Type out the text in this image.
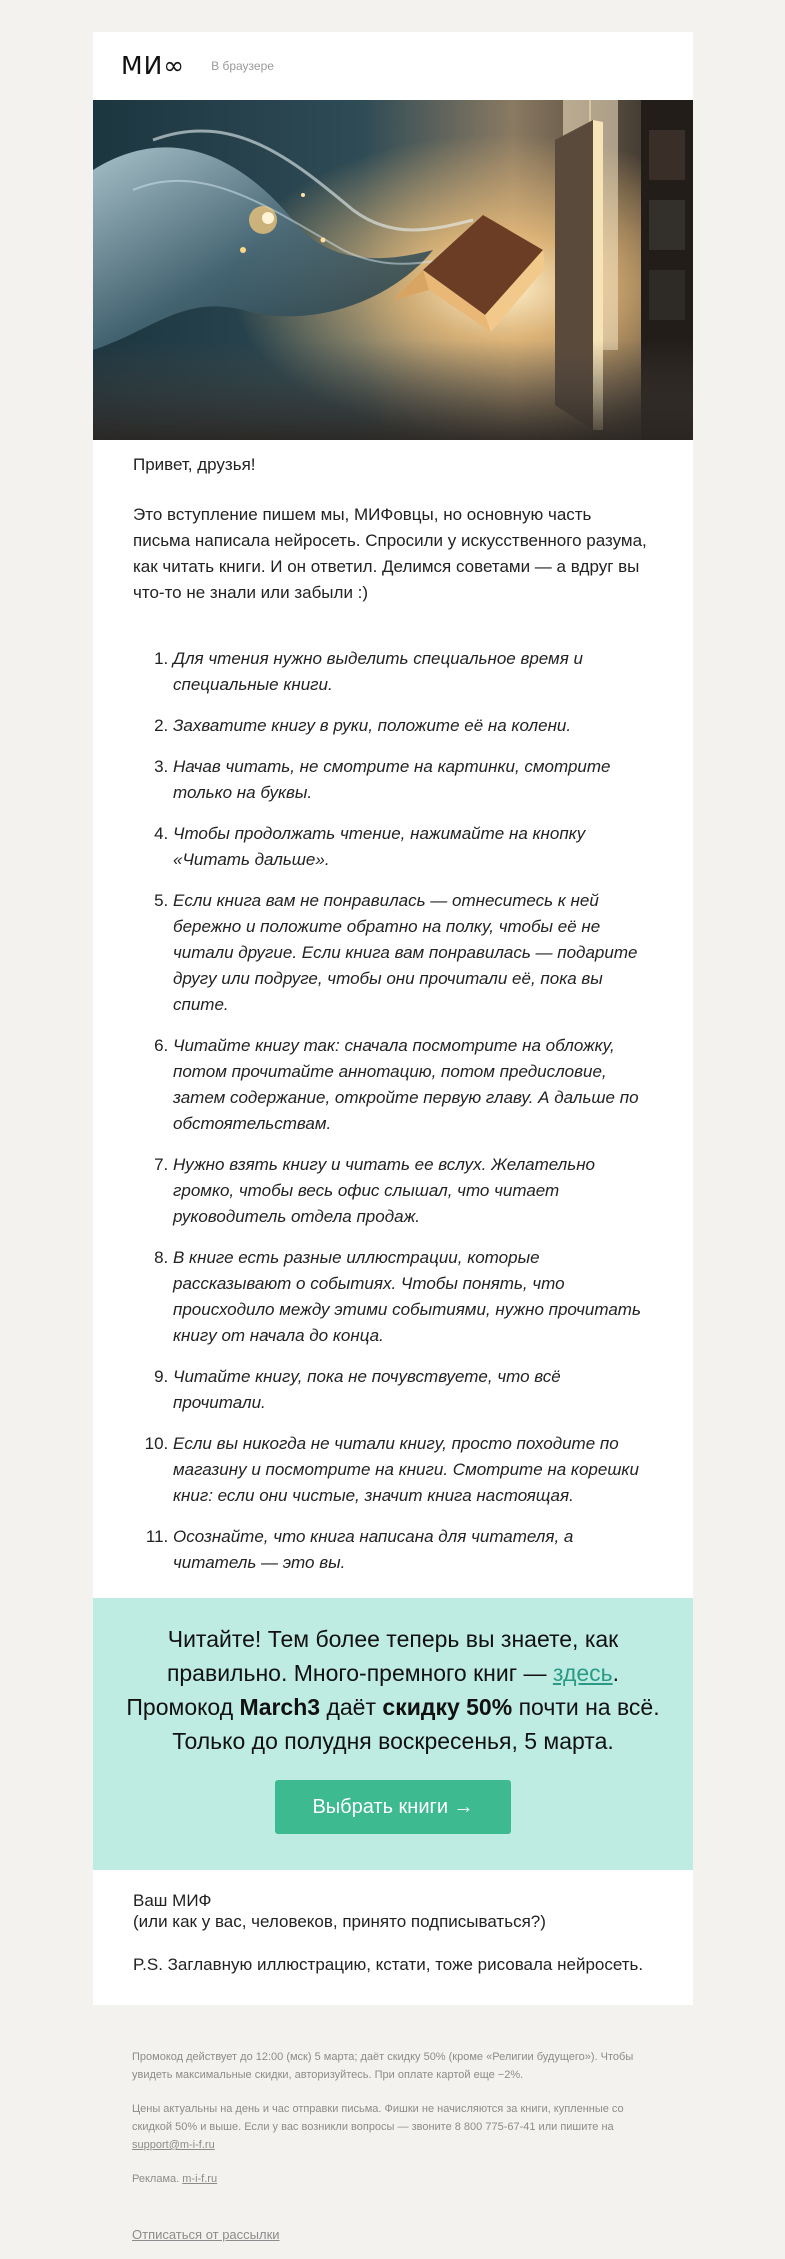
МИ∞ В браузере

Привет, друзья!

Это вступление пишем мы, МИФовцы, но основную часть письма написала нейросеть. Спросили у искусственного разума, как читать книги. И он ответил. Делимся советами — а вдруг вы что-то не знали или забыли :)

1. Для чтения нужно выделить специальное время и специальные книги.
2. Захватите книгу в руки, положите её на колени.
3. Начав читать, не смотрите на картинки, смотрите только на буквы.
4. Чтобы продолжать чтение, нажимайте на кнопку «Читать дальше».
5. Если книга вам не понравилась — отнеситесь к ней бережно и положите обратно на полку, чтобы её не читали другие. Если книга вам понравилась — подарите другу или подруге, чтобы они прочитали её, пока вы спите.
6. Читайте книгу так: сначала посмотрите на обложку, потом прочитайте аннотацию, потом предисловие, затем содержание, откройте первую главу. А дальше по обстоятельствам.
7. Нужно взять книгу и читать ее вслух. Желательно громко, чтобы весь офис слышал, что читает руководитель отдела продаж.
8. В книге есть разные иллюстрации, которые рассказывают о событиях. Чтобы понять, что происходило между этими событиями, нужно прочитать книгу от начала до конца.
9. Читайте книгу, пока не почувствуете, что всё прочитали.
10. Если вы никогда не читали книгу, просто походите по магазину и посмотрите на книги. Смотрите на корешки книг: если они чистые, значит книга настоящая.
11. Осознайте, что книга написана для читателя, а читатель — это вы.
Читайте! Тем более теперь вы знаете, как правильно. Много-премного книг — здесь.
Промокод March3 даёт скидку 50% почти на всё.
Только до полудня воскресенья, 5 марта.
Выбрать книги →
Ваш МИФ
(или как у вас, человеков, принято подписываться?)
P.S. Заглавную иллюстрацию, кстати, тоже рисовала нейросеть.

Промокод действует до 12:00 (мск) 5 марта; даёт скидку 50% (кроме «Религии будущего»). Чтобы увидеть максимальные скидки, авторизуйтесь. При оплате картой еще −2%.

Цены актуальны на день и час отправки письма. Фишки не начисляются за книги, купленные со скидкой 50% и выше. Если у вас возникли вопросы — звоните 8 800 775-67-41 или пишите на support@m-i-f.ru

Реклама. m-i-f.ru

Отписаться от рассылки
